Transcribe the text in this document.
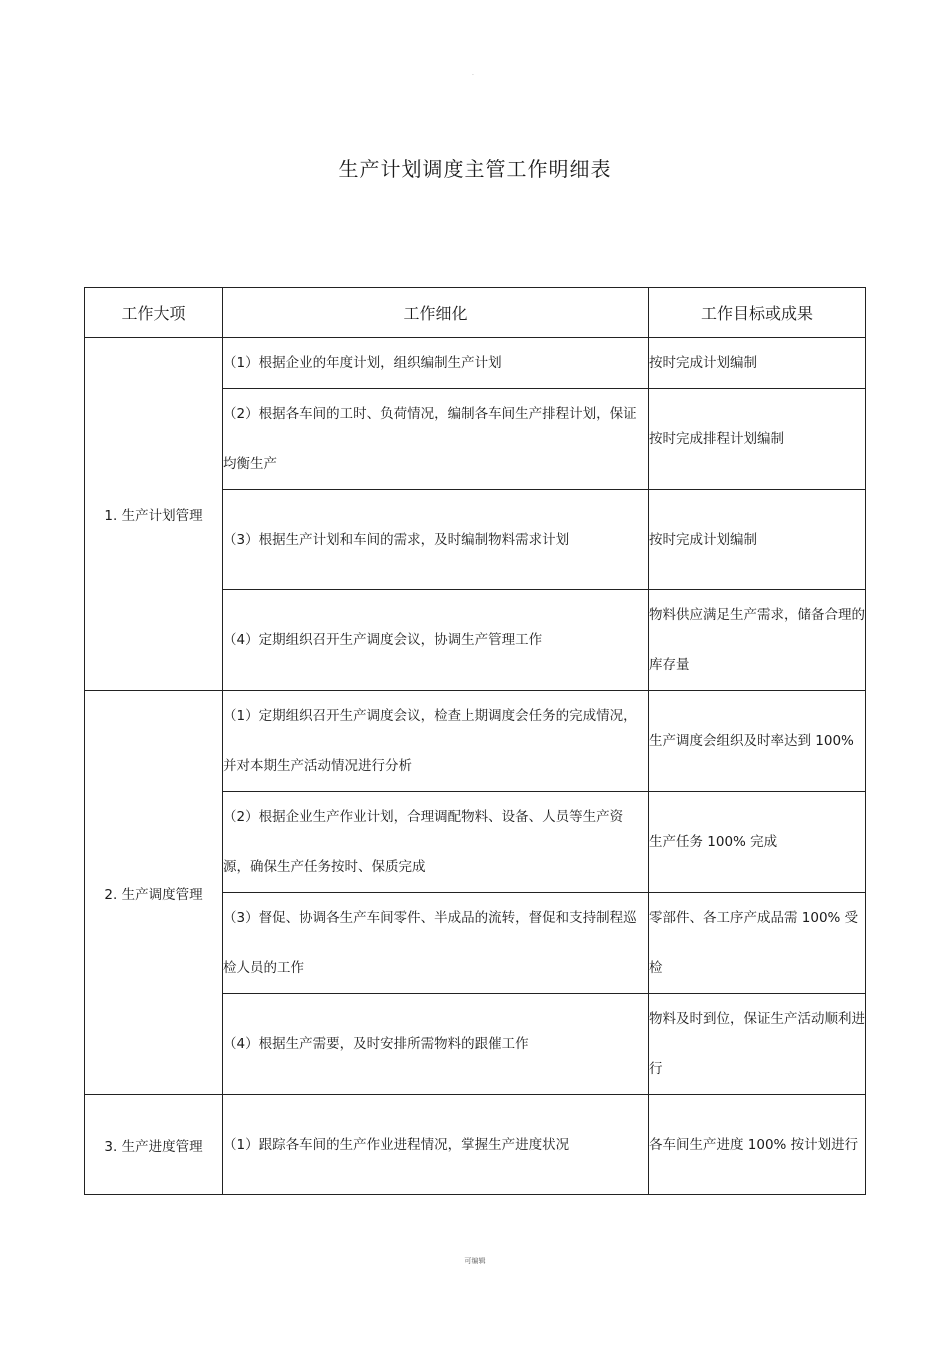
.
生产计划调度主管工作明细表
工作大项	工作细化	工作目标或成果
1. 生产计划管理	（1）根据企业的年度计划，组织编制生产计划	按时完成计划编制
	（2）根据各车间的工时、负荷情况，编制各车间生产排程计划，保证均衡生产	按时完成排程计划编制
	（3）根据生产计划和车间的需求，及时编制物料需求计划	按时完成计划编制
	（4）定期组织召开生产调度会议，协调生产管理工作	物料供应满足生产需求，储备合理的库存量
2. 生产调度管理	（1）定期组织召开生产调度会议，检查上期调度会任务的完成情况，并对本期生产活动情况进行分析	生产调度会组织及时率达到 100%
	（2）根据企业生产作业计划，合理调配物料、设备、人员等生产资源，确保生产任务按时、保质完成	生产任务 100% 完成
	（3）督促、协调各生产车间零件、半成品的流转，督促和支持制程巡检人员的工作	零部件、各工序产成品需 100% 受检
	（4）根据生产需要，及时安排所需物料的跟催工作	物料及时到位，保证生产活动顺利进行
3. 生产进度管理	（1）跟踪各车间的生产作业进程情况，掌握生产进度状况	各车间生产进度 100% 按计划进行
可编辑
